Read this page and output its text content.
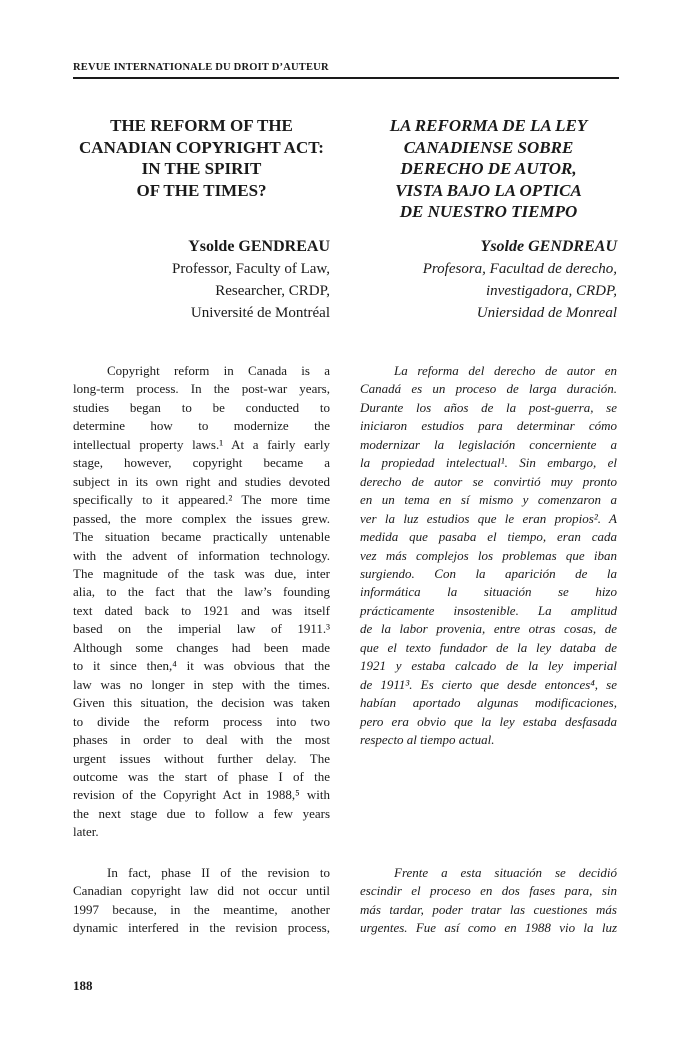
REVUE INTERNATIONALE DU DROIT D’AUTEUR
THE REFORM OF THE
CANADIAN COPYRIGHT ACT:
IN THE SPIRIT
OF THE TIMES?
Ysolde GENDREAU
Professor, Faculty of Law,
Researcher, CRDP,
Université de Montréal
Copyright reform in Canada is a
long-term process. In the post-war years,
studies began to be conducted to
determine how to modernize the
intellectual property laws.¹ At a fairly early
stage, however, copyright became a
subject in its own right and studies devoted
specifically to it appeared.² The more time
passed, the more complex the issues grew.
The situation became practically untenable
with the advent of information technology.
The magnitude of the task was due, inter
alia, to the fact that the law’s founding
text dated back to 1921 and was itself
based on the imperial law of 1911.³
Although some changes had been made
to it since then,⁴ it was obvious that the
law was no longer in step with the times.
Given this situation, the decision was taken
to divide the reform process into two
phases in order to deal with the most
urgent issues without further delay. The
outcome was the start of phase I of the
revision of the Copyright Act in 1988,⁵ with
the next stage due to follow a few years
later.
In fact, phase II of the revision to
Canadian copyright law did not occur until
1997 because, in the meantime, another
dynamic interfered in the revision process,
LA REFORMA DE LA LEY
CANADIENSE SOBRE
DERECHO DE AUTOR,
VISTA BAJO LA OPTICA
DE NUESTRO TIEMPO
Ysolde GENDREAU
Profesora, Facultad de derecho,
investigadora, CRDP,
Uniersidad de Monreal
La reforma del derecho de autor en
Canadá es un proceso de larga duración.
Durante los años de la post-guerra, se
iniciaron estudios para determinar cómo
modernizar la legislación concerniente a
la propiedad intelectual¹. Sin embargo, el
derecho de autor se convirtió muy pronto
en un tema en sí mismo y comenzaron a
ver la luz estudios que le eran propios². A
medida que pasaba el tiempo, eran cada
vez más complejos los problemas que iban
surgiendo. Con la aparición de la
informática la situación se hizo
prácticamente insostenible. La amplitud
de la labor provenia, entre otras cosas, de
que el texto fundador de la ley databa de
1921 y estaba calcado de la ley imperial
de 1911³. Es cierto que desde entonces⁴, se
habían aportado algunas modificaciones,
pero era obvio que la ley estaba desfasada
respecto al tiempo actual.
Frente a esta situación se decidió
escindir el proceso en dos fases para, sin
más tardar, poder tratar las cuestiones más
urgentes. Fue así como en 1988 vio la luz
188
